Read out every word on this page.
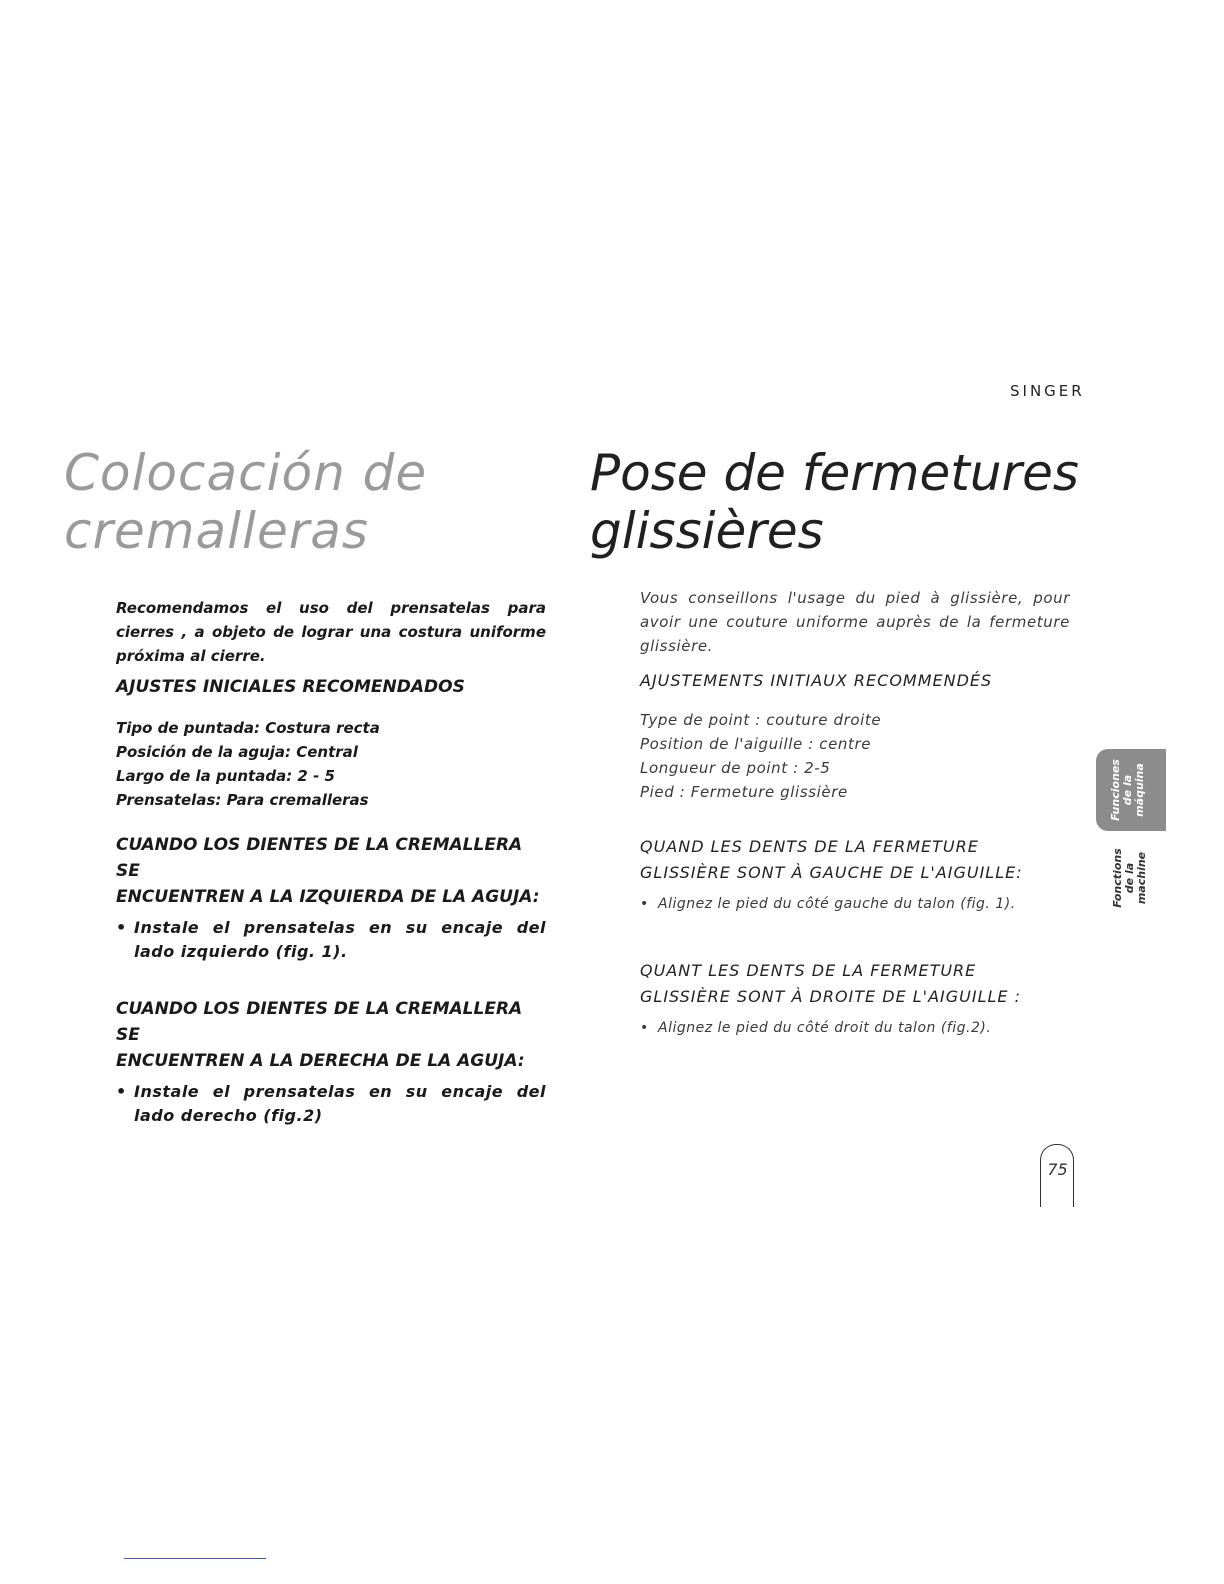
SINGER
Colocación de
cremalleras
Pose de fermetures
glissières

Recomendamos el uso del prensatelas para cierres , a objeto de lograr una costura uniforme próxima al cierre.

AJUSTES INICIALES RECOMENDADOS

Tipo de puntada: Costura recta
Posición de la aguja: Central
Largo de la puntada: 2 - 5
Prensatelas: Para cremalleras

CUANDO LOS DIENTES DE LA CREMALLERA SE
ENCUENTREN A LA IZQUIERDA DE LA AGUJA:

• Instale el prensatelas en su encaje del lado izquierdo (fig. 1).

CUANDO LOS DIENTES DE LA CREMALLERA SE
ENCUENTREN A LA DERECHA DE LA AGUJA:

• Instale el prensatelas en su encaje del lado derecho (fig.2)

Vous conseillons l'usage du pied à glissière, pour avoir une couture uniforme auprès de la fermeture glissière.

AJUSTEMENTS INITIAUX RECOMMENDÉS

Type de point : couture droite
Position de l'aiguille : centre
Longueur de point : 2-5
Pied : Fermeture glissière

QUAND LES DENTS DE LA FERMETURE
GLISSIÈRE SONT À GAUCHE DE L'AIGUILLE:

• Alignez le pied du côté gauche du talon (fig. 1).

QUANT LES DENTS DE LA FERMETURE
GLISSIÈRE SONT À DROITE DE L'AIGUILLE :

• Alignez le pied du côté droit du talon (fig.2).

Funciones
de la máquina
Fonctions
de la machine
75
